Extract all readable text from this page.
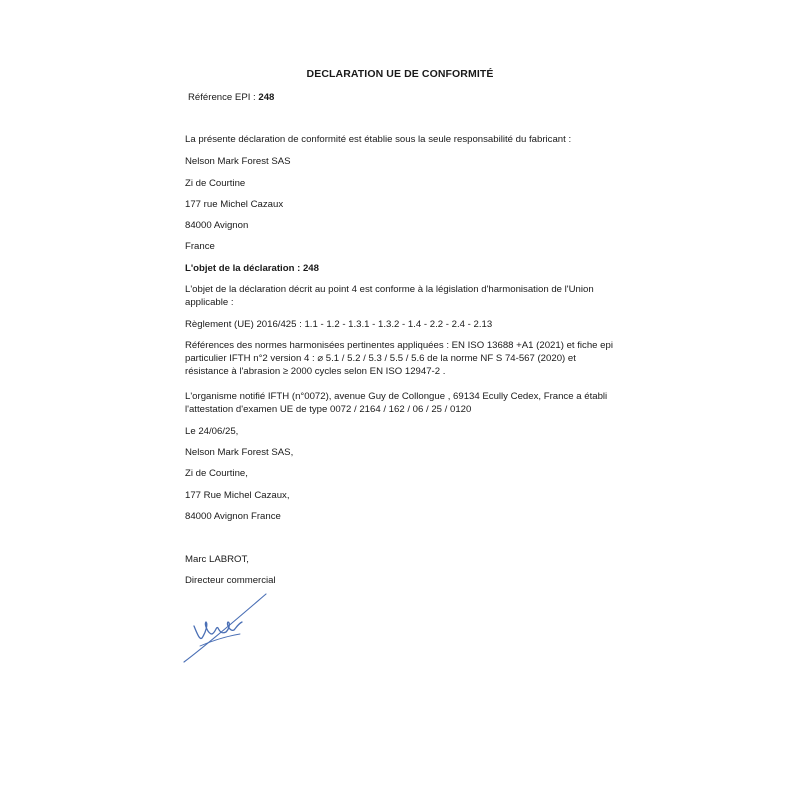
DECLARATION UE DE CONFORMITÉ
Référence EPI : 248
La présente déclaration de conformité est établie sous la seule responsabilité du fabricant :
Nelson Mark Forest SAS
Zi de Courtine
177 rue Michel Cazaux
84000 Avignon
France
L'objet de la déclaration : 248
L'objet de la déclaration décrit au point 4 est conforme à la législation d'harmonisation de l'Union
applicable :
Règlement (UE) 2016/425 : 1.1 - 1.2 - 1.3.1 - 1.3.2 - 1.4 - 2.2 - 2.4 - 2.13
Références des normes harmonisées pertinentes appliquées : EN ISO 13688 +A1 (2021) et fiche epi
particulier IFTH n°2 version 4 : ⌀ 5.1 / 5.2 / 5.3 / 5.5 / 5.6 de la norme NF S 74-567 (2020) et
résistance à l'abrasion ≥ 2000 cycles selon EN ISO 12947-2 .
L'organisme notifié IFTH (n°0072), avenue Guy de Collongue , 69134 Ecully Cedex, France a établi
l'attestation d'examen UE de type 0072 / 2164 / 162 / 06 / 25 / 0120
Le 24/06/25,
Nelson Mark Forest SAS,
Zi de Courtine,
177 Rue Michel Cazaux,
84000 Avignon France
Marc LABROT,
Directeur commercial
